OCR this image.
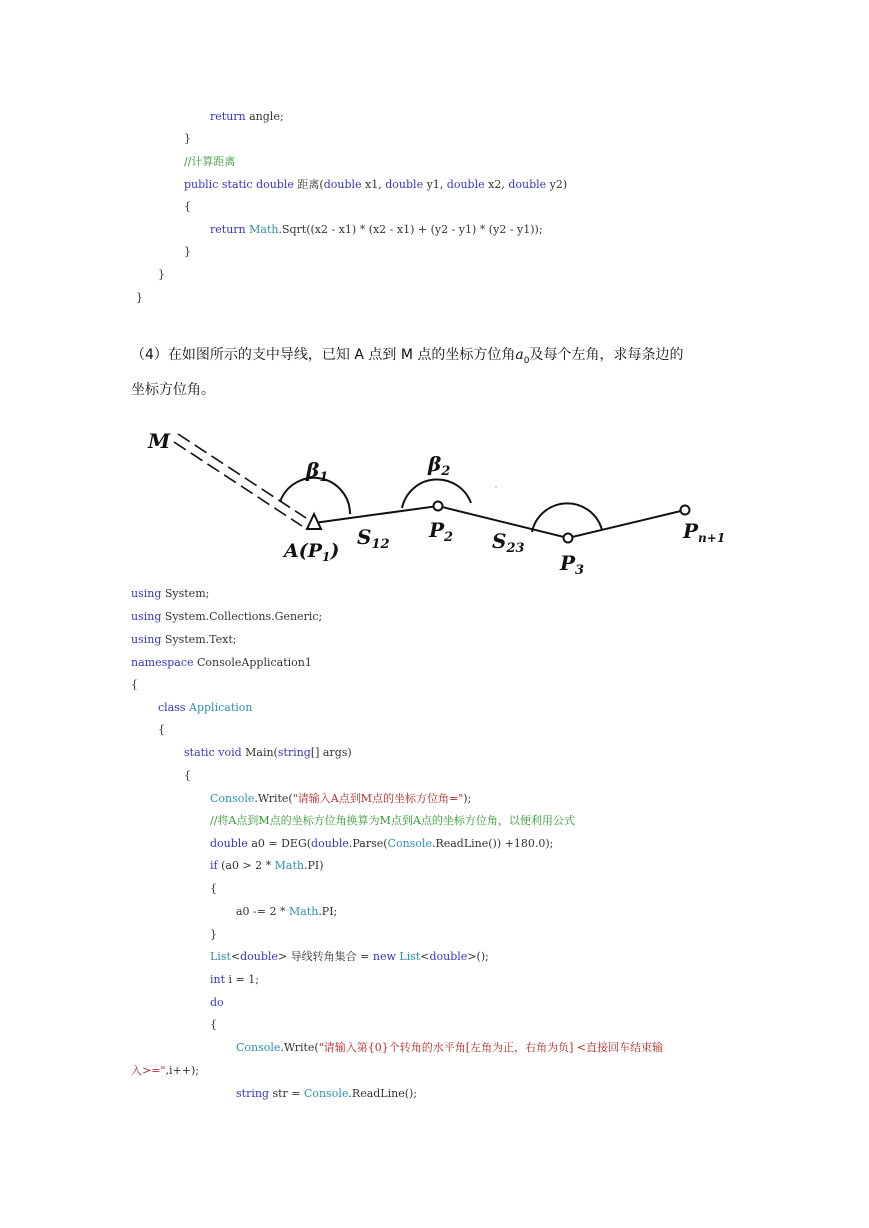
return angle;
}
//计算距离
public static double 距离(double x1, double y1, double x2, double y2)
{
return Math.Sqrt((x2 - x1) * (x2 - x1) + (y2 - y1) * (y2 - y1));
}
}
}
（4）在如图所示的支中导线，已知 A 点到 M 点的坐标方位角$a_0$及每个左角，求每条边的
坐标方位角。
M
$\beta_1$
$\beta_2$
$A(P_1)$
$S_{12}$
$P_2$ $S_{23}$
$P_3$
$P_{n+1}$
using System;
using System.Collections.Generic;
using System.Text;
namespace ConsoleApplication1
{
class Application
{
static void Main(string[] args)
{
Console.Write("请输入A点到M点的坐标方位角=");
//将A点到M点的坐标方位角换算为M点到A点的坐标方位角，以便利用公式
double a0 = DEG(double.Parse(Console.ReadLine()) +180.0);
if (a0 > 2 * Math.PI)
{
a0 -= 2 * Math.PI;
}
List<double> 导线转角集合 = new List<double>();
int i = 1;
do
{
Console.Write("请输入第{0}个转角的水平角[左角为正，右角为负] <直接回车结束输
入>=",i++);
string str = Console.ReadLine();
